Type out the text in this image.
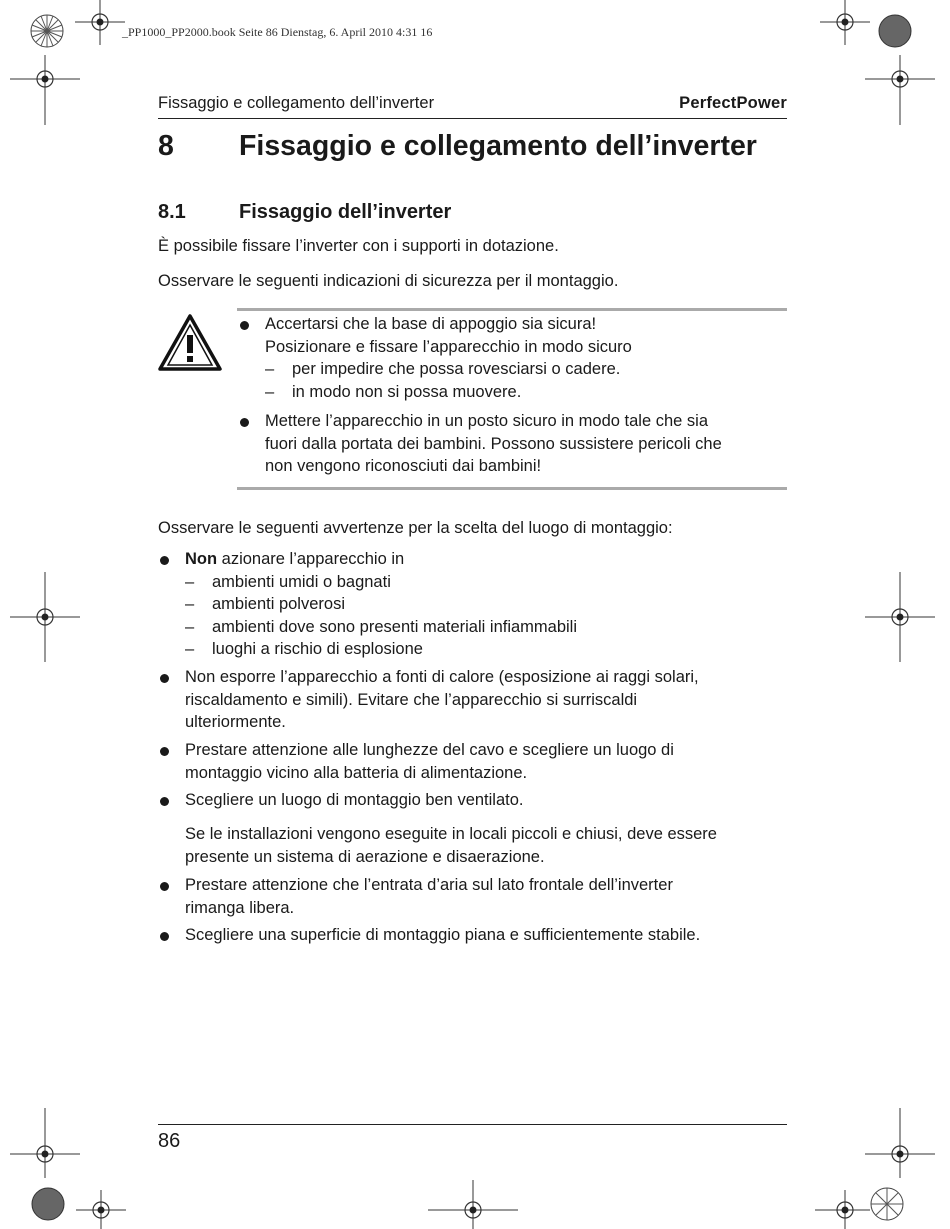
_PP1000_PP2000.book Seite 86 Dienstag, 6. April 2010 4:31 16
Fissaggio e collegamento dell’inverter	PerfectPower
8 Fissaggio e collegamento dell’inverter
8.1	Fissaggio dell’inverter
È possibile fissare l’inverter con i supporti in dotazione.
Osservare le seguenti indicazioni di sicurezza per il montaggio.
Accertarsi che la base di appoggio sia sicura!
Posizionare e fissare l’apparecchio in modo sicuro
– per impedire che possa rovesciarsi o cadere.
– in modo non si possa muovere.
Mettere l’apparecchio in un posto sicuro in modo tale che sia
fuori dalla portata dei bambini. Possono sussistere pericoli che
non vengono riconosciuti dai bambini!
Osservare le seguenti avvertenze per la scelta del luogo di montaggio:
Non azionare l’apparecchio in
– ambienti umidi o bagnati
– ambienti polverosi
– ambienti dove sono presenti materiali infiammabili
– luoghi a rischio di esplosione
Non esporre l’apparecchio a fonti di calore (esposizione ai raggi solari,
riscaldamento e simili). Evitare che l’apparecchio si surriscaldi
ulteriormente.
Prestare attenzione alle lunghezze del cavo e scegliere un luogo di
montaggio vicino alla batteria di alimentazione.
Scegliere un luogo di montaggio ben ventilato.
Se le installazioni vengono eseguite in locali piccoli e chiusi, deve essere
presente un sistema di aerazione e disaerazione.
Prestare attenzione che l’entrata d’aria sul lato frontale dell’inverter
rimanga libera.
Scegliere una superficie di montaggio piana e sufficientemente stabile.
86
